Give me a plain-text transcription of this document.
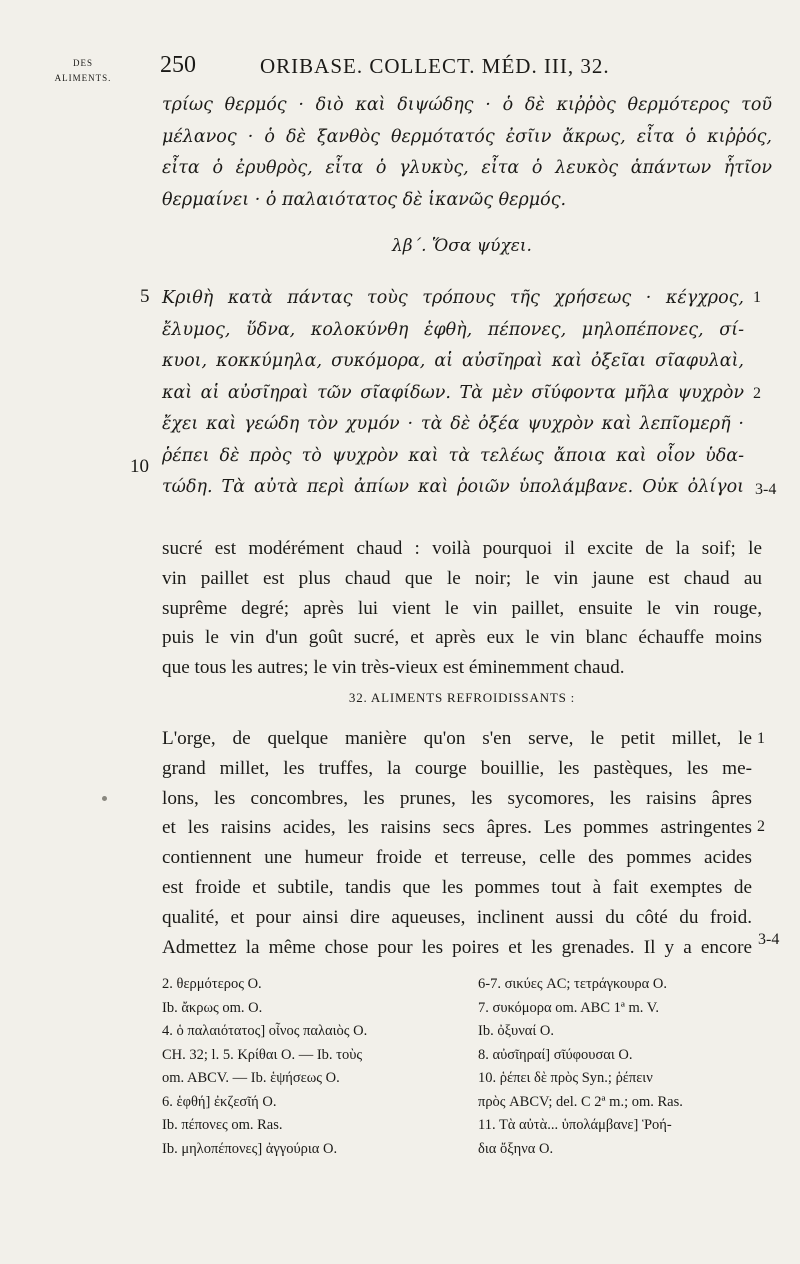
DES
ALIMENTS.	250	ORIBASE. COLLECT. MÉD. III, 32.

τρίως θερμός · διὸ καὶ διψώδης · ὁ δὲ κιῤῥὸς θερμότερος τοῦ

μέλανος · ὁ δὲ ξανθὸς θερμότατός ἐσῖιν ἄκρως, εἶτα ὁ κιῤῥός,

εἶτα ὁ ἐρυθρὸς, εἶτα ὁ γλυκὺς, εἶτα ὁ λευκὸς ἁπάντων ἧτῖον

θερμαίνει · ὁ παλαιότατος δὲ ἱκανῶς θερμός.

λβ΄. Ὅσα ψύχει.
5
10
1
2
3-4

Κριθὴ κατὰ πάντας τοὺς τρόπους τῆς χρήσεως · κέγχρος,

ἔλυμος, ὕδνα, κολοκύνθη ἑφθὴ, πέπονες, μηλοπέπονες, σί-

κυοι, κοκκύμηλα, συκόμορα, αἱ αὐσῖηραὶ καὶ ὀξεῖαι σῖαφυλαὶ,

καὶ αἱ αὐσῖηραὶ τῶν σῖαφίδων. Τὰ μὲν σῖύφοντα μῆλα ψυχρὸν

ἔχει καὶ γεώδη τὸν χυμόν · τὰ δὲ ὀξέα ψυχρὸν καὶ λεπῖομερῆ ·

ῥέπει δὲ πρὸς τὸ ψυχρὸν καὶ τὰ τελέως ἄποια καὶ οἷον ὑδα-

τώδη. Τὰ αὐτὰ περὶ ἀπίων καὶ ῥοιῶν ὑπολάμβανε. Οὐκ ὀλίγοι

sucré est modérément chaud : voilà pourquoi il excite de la soif; le

vin paillet est plus chaud que le noir; le vin jaune est chaud au

suprême degré; après lui vient le vin paillet, ensuite le vin rouge,

puis le vin d'un goût sucré, et après eux le vin blanc échauffe moins

que tous les autres; le vin très-vieux est éminemment chaud.

32. ALIMENTS REFROIDISSANTS :

L'orge, de quelque manière qu'on s'en serve, le petit millet, le

grand millet, les truffes, la courge bouillie, les pastèques, les me-

lons, les concombres, les prunes, les sycomores, les raisins âpres

et les raisins acides, les raisins secs âpres. Les pommes astringentes

contiennent une humeur froide et terreuse, celle des pommes acides

est froide et subtile, tandis que les pommes tout à fait exemptes de

qualité, et pour ainsi dire aqueuses, inclinent aussi du côté du froid.

Admettez la même chose pour les poires et les grenades. Il y a encore

1
2
3-4
2. θερμότερος O.
Ib. ἄκρως om. O.
4. ὁ παλαιότατος] οἶνος παλαιὸς O.
CH. 32; l. 5. Κρίθαι O. — Ib. τοὺς
om. ABCV. — Ib. ἑψήσεως O.
6. ἑφθή] ἐκζεσῖή O.
Ib. πέπονες om. Ras.
Ib. μηλοπέπονες] ἀγγούρια O.
6-7. σικύες AC; τετράγκουρα O.
7. συκόμορα om. ABC 1ª m. V.
Ib. ὀξυναί O.
8. αὐσῖηραί] σῖύφουσαι O.
10. ῥέπει δὲ πρὸς Syn.; ῥέπειν
πρὸς ABCV; del. C 2ª m.; om. Ras.
11. Τὰ αὐτὰ... ὑπολάμβανε] Ῥοή-
δια ὄξηνα O.
